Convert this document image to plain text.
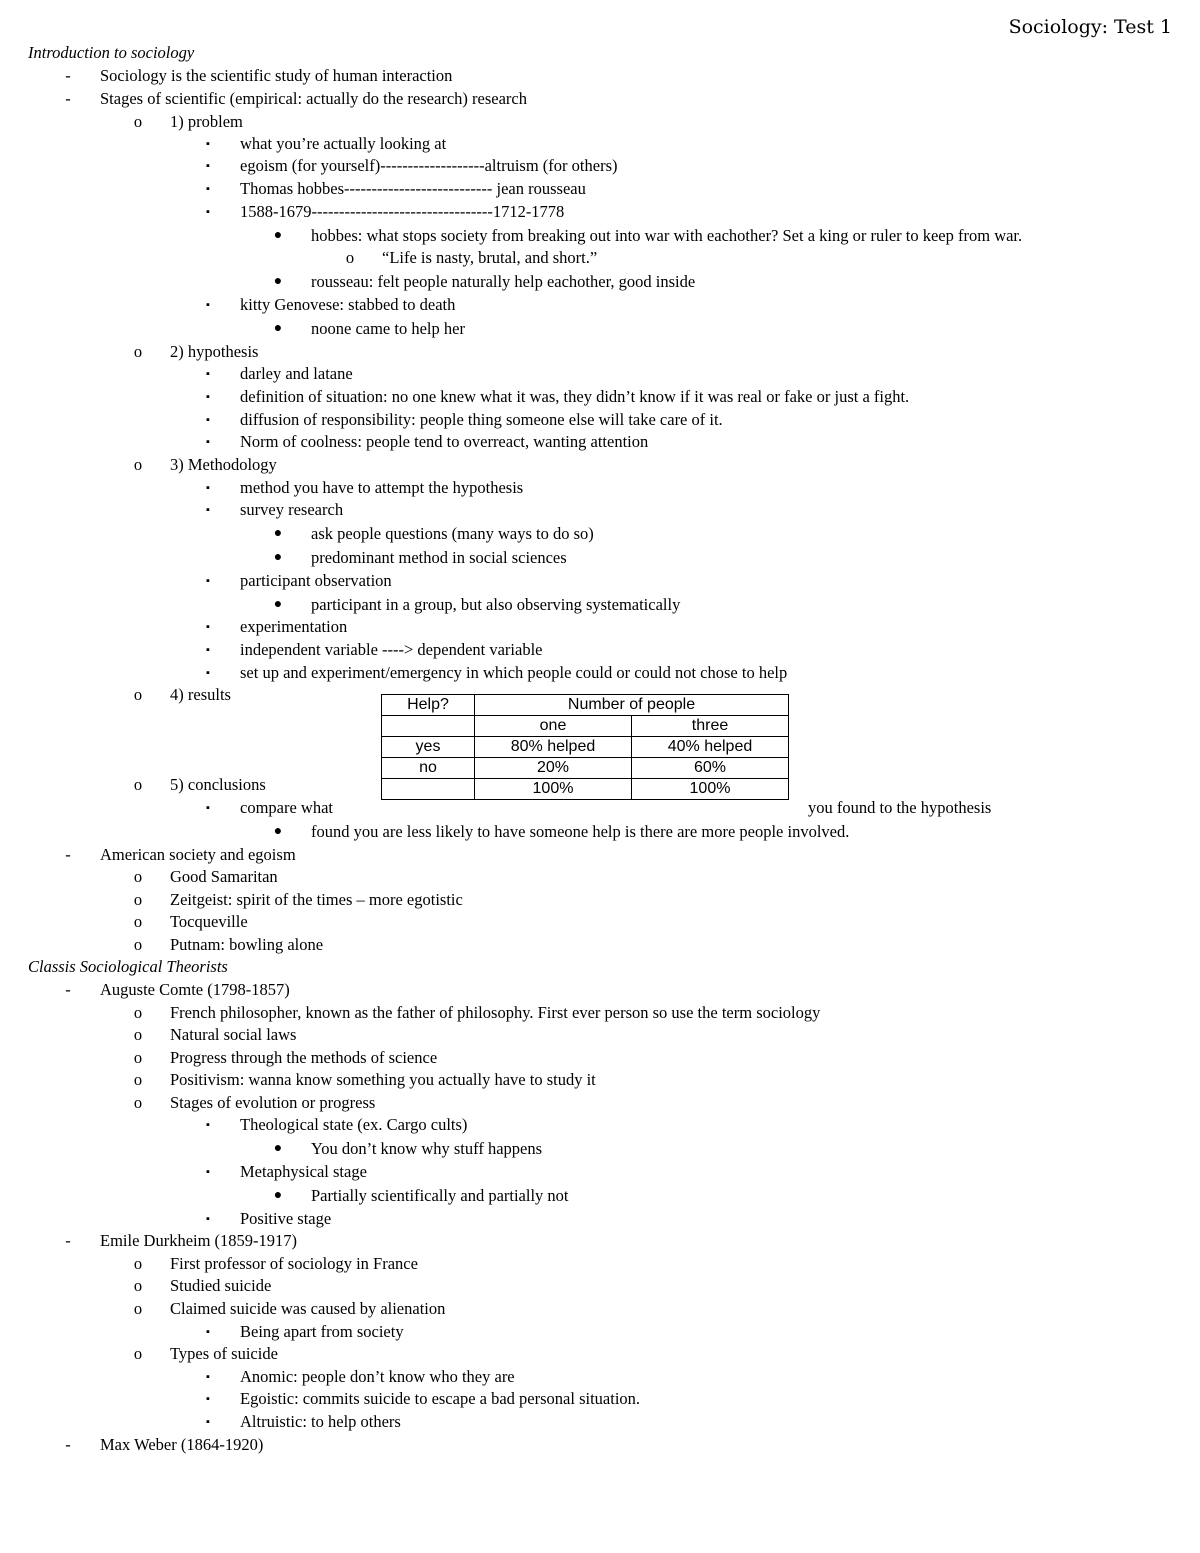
Sociology: Test 1
Introduction to sociology
-	Sociology is the scientific study of human interaction
-	Stages of scientific (empirical: actually do the research) research
o	1) problem
▪	what you’re actually looking at
▪	egoism (for yourself)-------------------altruism (for others)
▪	Thomas hobbes--------------------------- jean rousseau
▪	1588-1679---------------------------------1712-1778
●	hobbes: what stops society from breaking out into war with eachother? Set a king or ruler to keep from war.
o	“Life is nasty, brutal, and short.”
●	rousseau: felt people naturally help eachother, good inside
▪	kitty Genovese: stabbed to death
●	noone came to help her
o	2) hypothesis
▪	darley and latane
▪	definition of situation: no one knew what it was, they didn’t know if it was real or fake or just a fight.
▪	diffusion of responsibility: people thing someone else will take care of it.
▪	Norm of coolness: people tend to overreact, wanting attention
o	3) Methodology
▪	method you have to attempt the hypothesis
▪	survey research
●	ask people questions (many ways to do so)
●	predominant method in social sciences
▪	participant observation
●	participant in a group, but also observing systematically
▪	experimentation
▪	independent variable ----> dependent variable
▪	set up and experiment/emergency in which people could or could not chose to help
o	4) results
Help?	Number of people	
	one	three
yes	80% helped	40% helped
no	20%	60%
	100%	100%
o	5) conclusions
▪	compare what	you found to the hypothesis
●	found you are less likely to have someone help is there are more people involved.
-	American society and egoism
o	Good Samaritan
o	Zeitgeist: spirit of the times – more egotistic
o	Tocqueville
o	Putnam: bowling alone
Classis Sociological Theorists
-	Auguste Comte (1798-1857)
o	French philosopher, known as the father of philosophy. First ever person so use the term sociology
o	Natural social laws
o	Progress through the methods of science
o	Positivism: wanna know something you actually have to study it
o	Stages of evolution or progress
▪	Theological state (ex. Cargo cults)
●	You don’t know why stuff happens
▪	Metaphysical stage
●	Partially scientifically and partially not
▪	Positive stage
-	Emile Durkheim (1859-1917)
o	First professor of sociology in France
o	Studied suicide
o	Claimed suicide was caused by alienation
▪	Being apart from society
o	Types of suicide
▪	Anomic: people don’t know who they are
▪	Egoistic: commits suicide to escape a bad personal situation.
▪	Altruistic: to help others
-	Max Weber (1864-1920)
